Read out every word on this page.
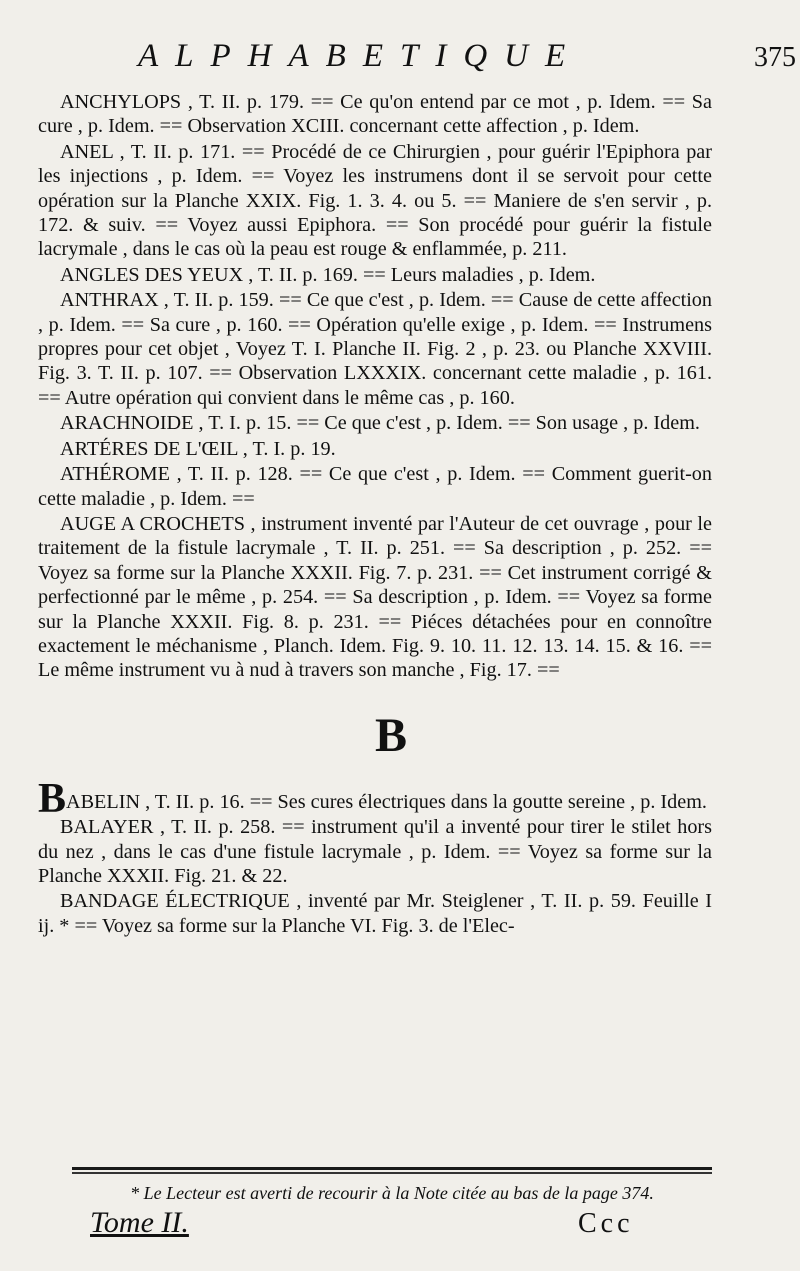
ALPHABETIQUE	375

ANCHYLOPS , T. II. p. 179. == Ce qu'on entend par ce mot , p. Idem. == Sa cure , p. Idem. == Observation XCIII. concernant cette affection , p. Idem.

ANEL , T. II. p. 171. == Procédé de ce Chirurgien , pour guérir l'Epiphora par les injections , p. Idem. == Voyez les instrumens dont il se servoit pour cette opération sur la Planche XXIX. Fig. 1. 3. 4. ou 5. == Maniere de s'en servir , p. 172. & suiv. == Voyez aussi Epiphora. == Son procédé pour guérir la fistule lacrymale , dans le cas où la peau est rouge & enflammée, p. 211.

ANGLES DES YEUX , T. II. p. 169. == Leurs maladies , p. Idem.

ANTHRAX , T. II. p. 159. == Ce que c'est , p. Idem. == Cause de cette affection , p. Idem. == Sa cure , p. 160. == Opération qu'elle exige , p. Idem. == Instrumens propres pour cet objet , Voyez T. I. Planche II. Fig. 2 , p. 23. ou Planche XXVIII. Fig. 3. T. II. p. 107. == Observation LXXXIX. concernant cette maladie , p. 161. == Autre opération qui convient dans le même cas , p. 160.

ARACHNOIDE , T. I. p. 15. == Ce que c'est , p. Idem. == Son usage , p. Idem.

ARTÉRES DE L'ŒIL , T. I. p. 19.

ATHÉROME , T. II. p. 128. == Ce que c'est , p. Idem. == Comment guerit-on cette maladie , p. Idem. ==

AUGE A CROCHETS , instrument inventé par l'Auteur de cet ouvrage , pour le traitement de la fistule lacrymale , T. II. p. 251. == Sa description , p. 252. == Voyez sa forme sur la Planche XXXII. Fig. 7. p. 231. == Cet instrument corrigé & perfectionné par le même , p. 254. == Sa description , p. Idem. == Voyez sa forme sur la Planche XXXII. Fig. 8. p. 231. == Piéces détachées pour en connoître exactement le méchanisme , Planch. Idem. Fig. 9. 10. 11. 12. 13. 14. 15. & 16. == Le même instrument vu à nud à travers son manche , Fig. 17. ==

B

BABELIN , T. II. p. 16. == Ses cures électriques dans la goutte sereine , p. Idem.

BALAYER , T. II. p. 258. == instrument qu'il a inventé pour tirer le stilet hors du nez , dans le cas d'une fistule lacrymale , p. Idem. == Voyez sa forme sur la Planche XXXII. Fig. 21. & 22.

BANDAGE ÉLECTRIQUE , inventé par Mr. Steiglener , T. II. p. 59. Feuille I ij. * == Voyez sa forme sur la Planche VI. Fig. 3. de l'Elec-

* Le Lecteur est averti de recourir à la Note citée au bas de la page 374.
Tome II.	Ccc
